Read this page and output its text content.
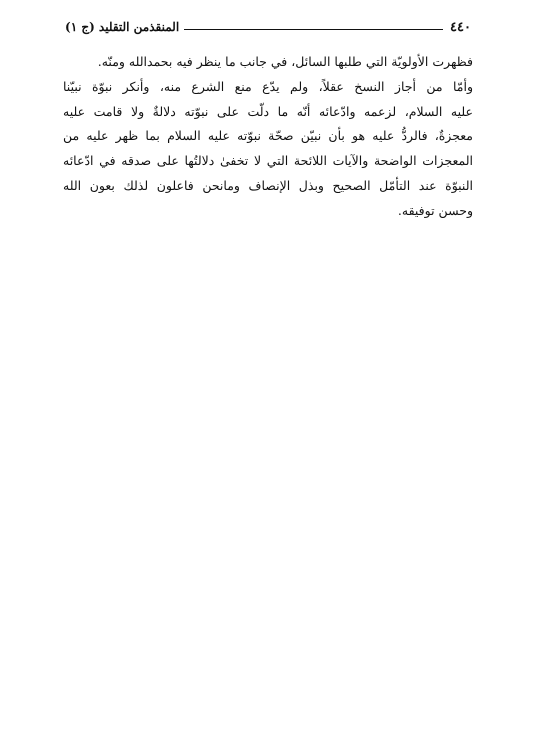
٤٤٠
المنقذمن التقليد (ج ١)
فظهرت الأولويّة التي طلبها السائل، في جانب ما ينظر فيه بحمدالله ومنّه.
وأمّا من أجاز النسخ عقلاً، ولم يدّع منع الشرع منه، وأنكر نبوّة نبيّنا
عليه السلام، لزعمه وادّعائه أنّه ما دلّت على نبوّته دلالةٌ ولا قامت عليه
معجزةٌ، فالردُّ عليه هو بأن نبيّن صحّة نبوّته عليه السلام بما ظهر عليه من
المعجزات الواضحة والآيات اللائحة التي لا تخفىٰ دلالتُها على صدقه في ادّعائه
النبوّة عند التأمّل الصحيح وبذل الإنصاف ومانحن فاعلون لذلك بعون الله
وحسن توفيقه.
